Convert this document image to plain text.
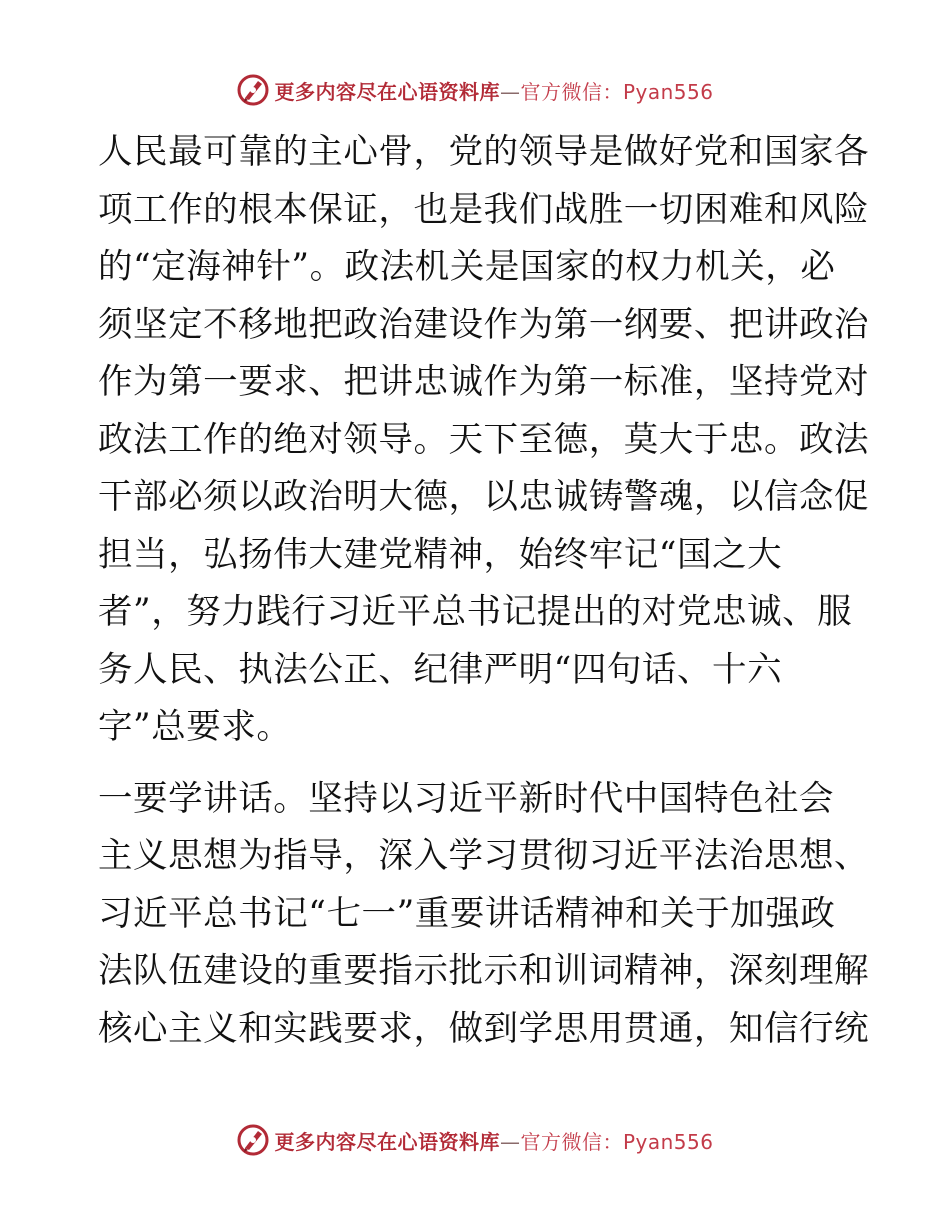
更多内容尽在心语资料库—官方微信：Pyan556

人民最可靠的主心骨，党的领导是做好党和国家各
项工作的根本保证，也是我们战胜一切困难和风险
的“定海神针”。政法机关是国家的权力机关，必
须坚定不移地把政治建设作为第一纲要、把讲政治
作为第一要求、把讲忠诚作为第一标准，坚持党对
政法工作的绝对领导。天下至德，莫大于忠。政法
干部必须以政治明大德，以忠诚铸警魂，以信念促
担当，弘扬伟大建党精神，始终牢记“国之大
者”，努力践行习近平总书记提出的对党忠诚、服
务人民、执法公正、纪律严明“四句话、十六
字”总要求。

一要学讲话。坚持以习近平新时代中国特色社会
主义思想为指导，深入学习贯彻习近平法治思想、
习近平总书记“七一”重要讲话精神和关于加强政
法队伍建设的重要指示批示和训词精神，深刻理解
核心主义和实践要求，做到学思用贯通，知信行统

更多内容尽在心语资料库—官方微信：Pyan556
